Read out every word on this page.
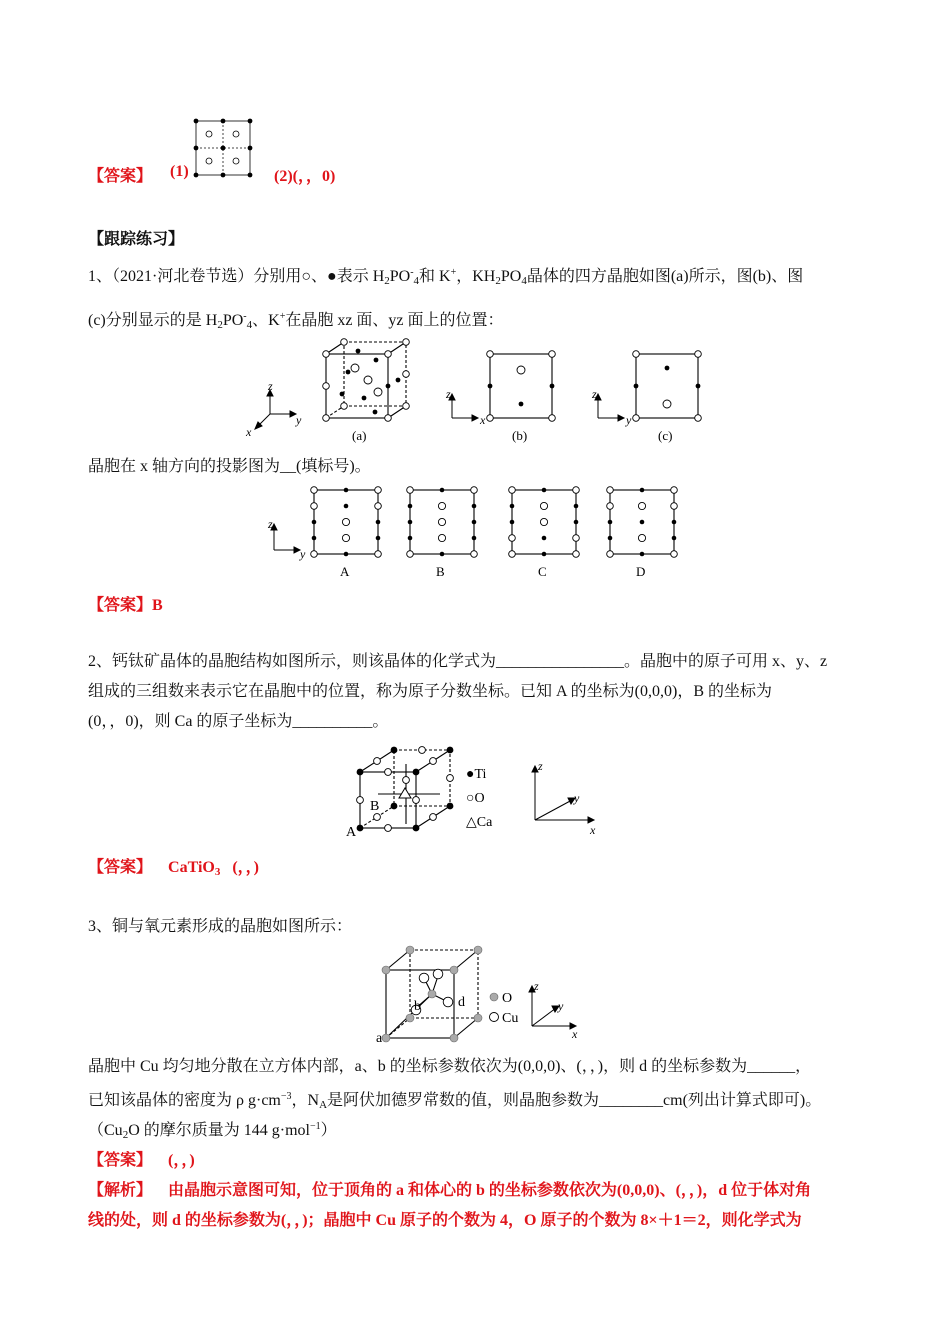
【答案】 (1)	(2)(，，0)
【跟踪练习】
1、（2021·河北卷节选）分别用○、●表示 $H_2PO^-_4$和 K+，$KH_2PO_4$晶体的四方晶胞如图(a)所示，图(b)、图
(c)分别显示的是 $H_2PO^-_4$、K+在晶胞 xz 面、yz 面上的位置：
z
y
x	(a)
z
x
(b)
z
y
(c)
晶胞在 x 轴方向的投影图为__(填标号)。
z
y
A	B	C	D
【答案】B
2、钙钛矿晶体的晶胞结构如图所示，则该晶体的化学式为________________。晶胞中的原子可用 x、y、z
组成的三组数来表示它在晶胞中的位置，称为原子分数坐标。已知 A 的坐标为(0,0,0)，B 的坐标为
(0，，0)，则 Ca 的原子坐标为__________。
A
B
●Ti
○O
△Ca
z
y
x
【答案】 CaTiO$_3$ (，，)
3、铜与氧元素形成的晶胞如图所示：
a
b	d	O
Cu
z
y
x
晶胞中 Cu 均匀地分散在立方体内部，a、b 的坐标参数依次为(0,0,0)、(，，)，则 d 的坐标参数为______，
已知该晶体的密度为 ρ $g\cdot cm^{-3}$，$N_A$是阿伏加德罗常数的值，则晶胞参数为________cm(列出计算式即可)。
（$Cu_2O$ 的摩尔质量为 144 g·mol$^{-1}$）
【答案】 (，，)
【解析】 由晶胞示意图可知，位于顶角的 a 和体心的 b 的坐标参数依次为(0,0,0)、(，，)，d 位于体对角
线的处，则 d 的坐标参数为(，，)；晶胞中 Cu 原子的个数为 4，O 原子的个数为 8×＋1＝2，则化学式为
